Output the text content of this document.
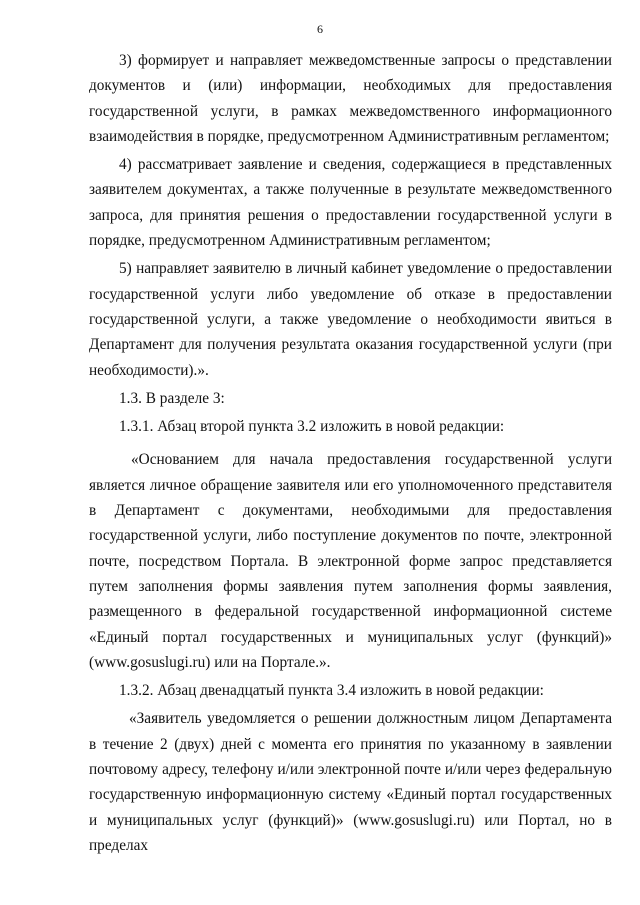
6

3) формирует и направляет межведомственные запросы о представлении документов и (или) информации, необходимых для предоставления государственной услуги, в рамках межведомственного информационного взаимодействия в порядке, предусмотренном Административным регламентом;

4) рассматривает заявление и сведения, содержащиеся в представленных заявителем документах, а также полученные в результате межведомственного запроса, для принятия решения о предоставлении государственной услуги в порядке, предусмотренном Административным регламентом;

5) направляет заявителю в личный кабинет уведомление о предоставлении государственной услуги либо уведомление об отказе в предоставлении государственной услуги, а также уведомление о необходимости явиться в Департамент для получения результата оказания государственной услуги (при необходимости).».

1.3. В разделе 3:

1.3.1. Абзац второй пункта 3.2 изложить в новой редакции:

«Основанием для начала предоставления государственной услуги является личное обращение заявителя или его уполномоченного представителя в Департамент с документами, необходимыми для предоставления государственной услуги, либо поступление документов по почте, электронной почте, посредством Портала. В электронной форме запрос представляется путем заполнения формы заявления путем заполнения формы заявления, размещенного в федеральной государственной информационной системе «Единый портал государственных и муниципальных услуг (функций)» (www.gosuslugi.ru) или на Портале.».

1.3.2. Абзац двенадцатый пункта 3.4 изложить в новой редакции:

«Заявитель уведомляется о решении должностным лицом Департамента в течение 2 (двух) дней с момента его принятия по указанному в заявлении почтовому адресу, телефону и/или электронной почте и/или через федеральную государственную информационную систему «Единый портал государственных и муниципальных услуг (функций)» (www.gosuslugi.ru) или Портал, но в пределах
